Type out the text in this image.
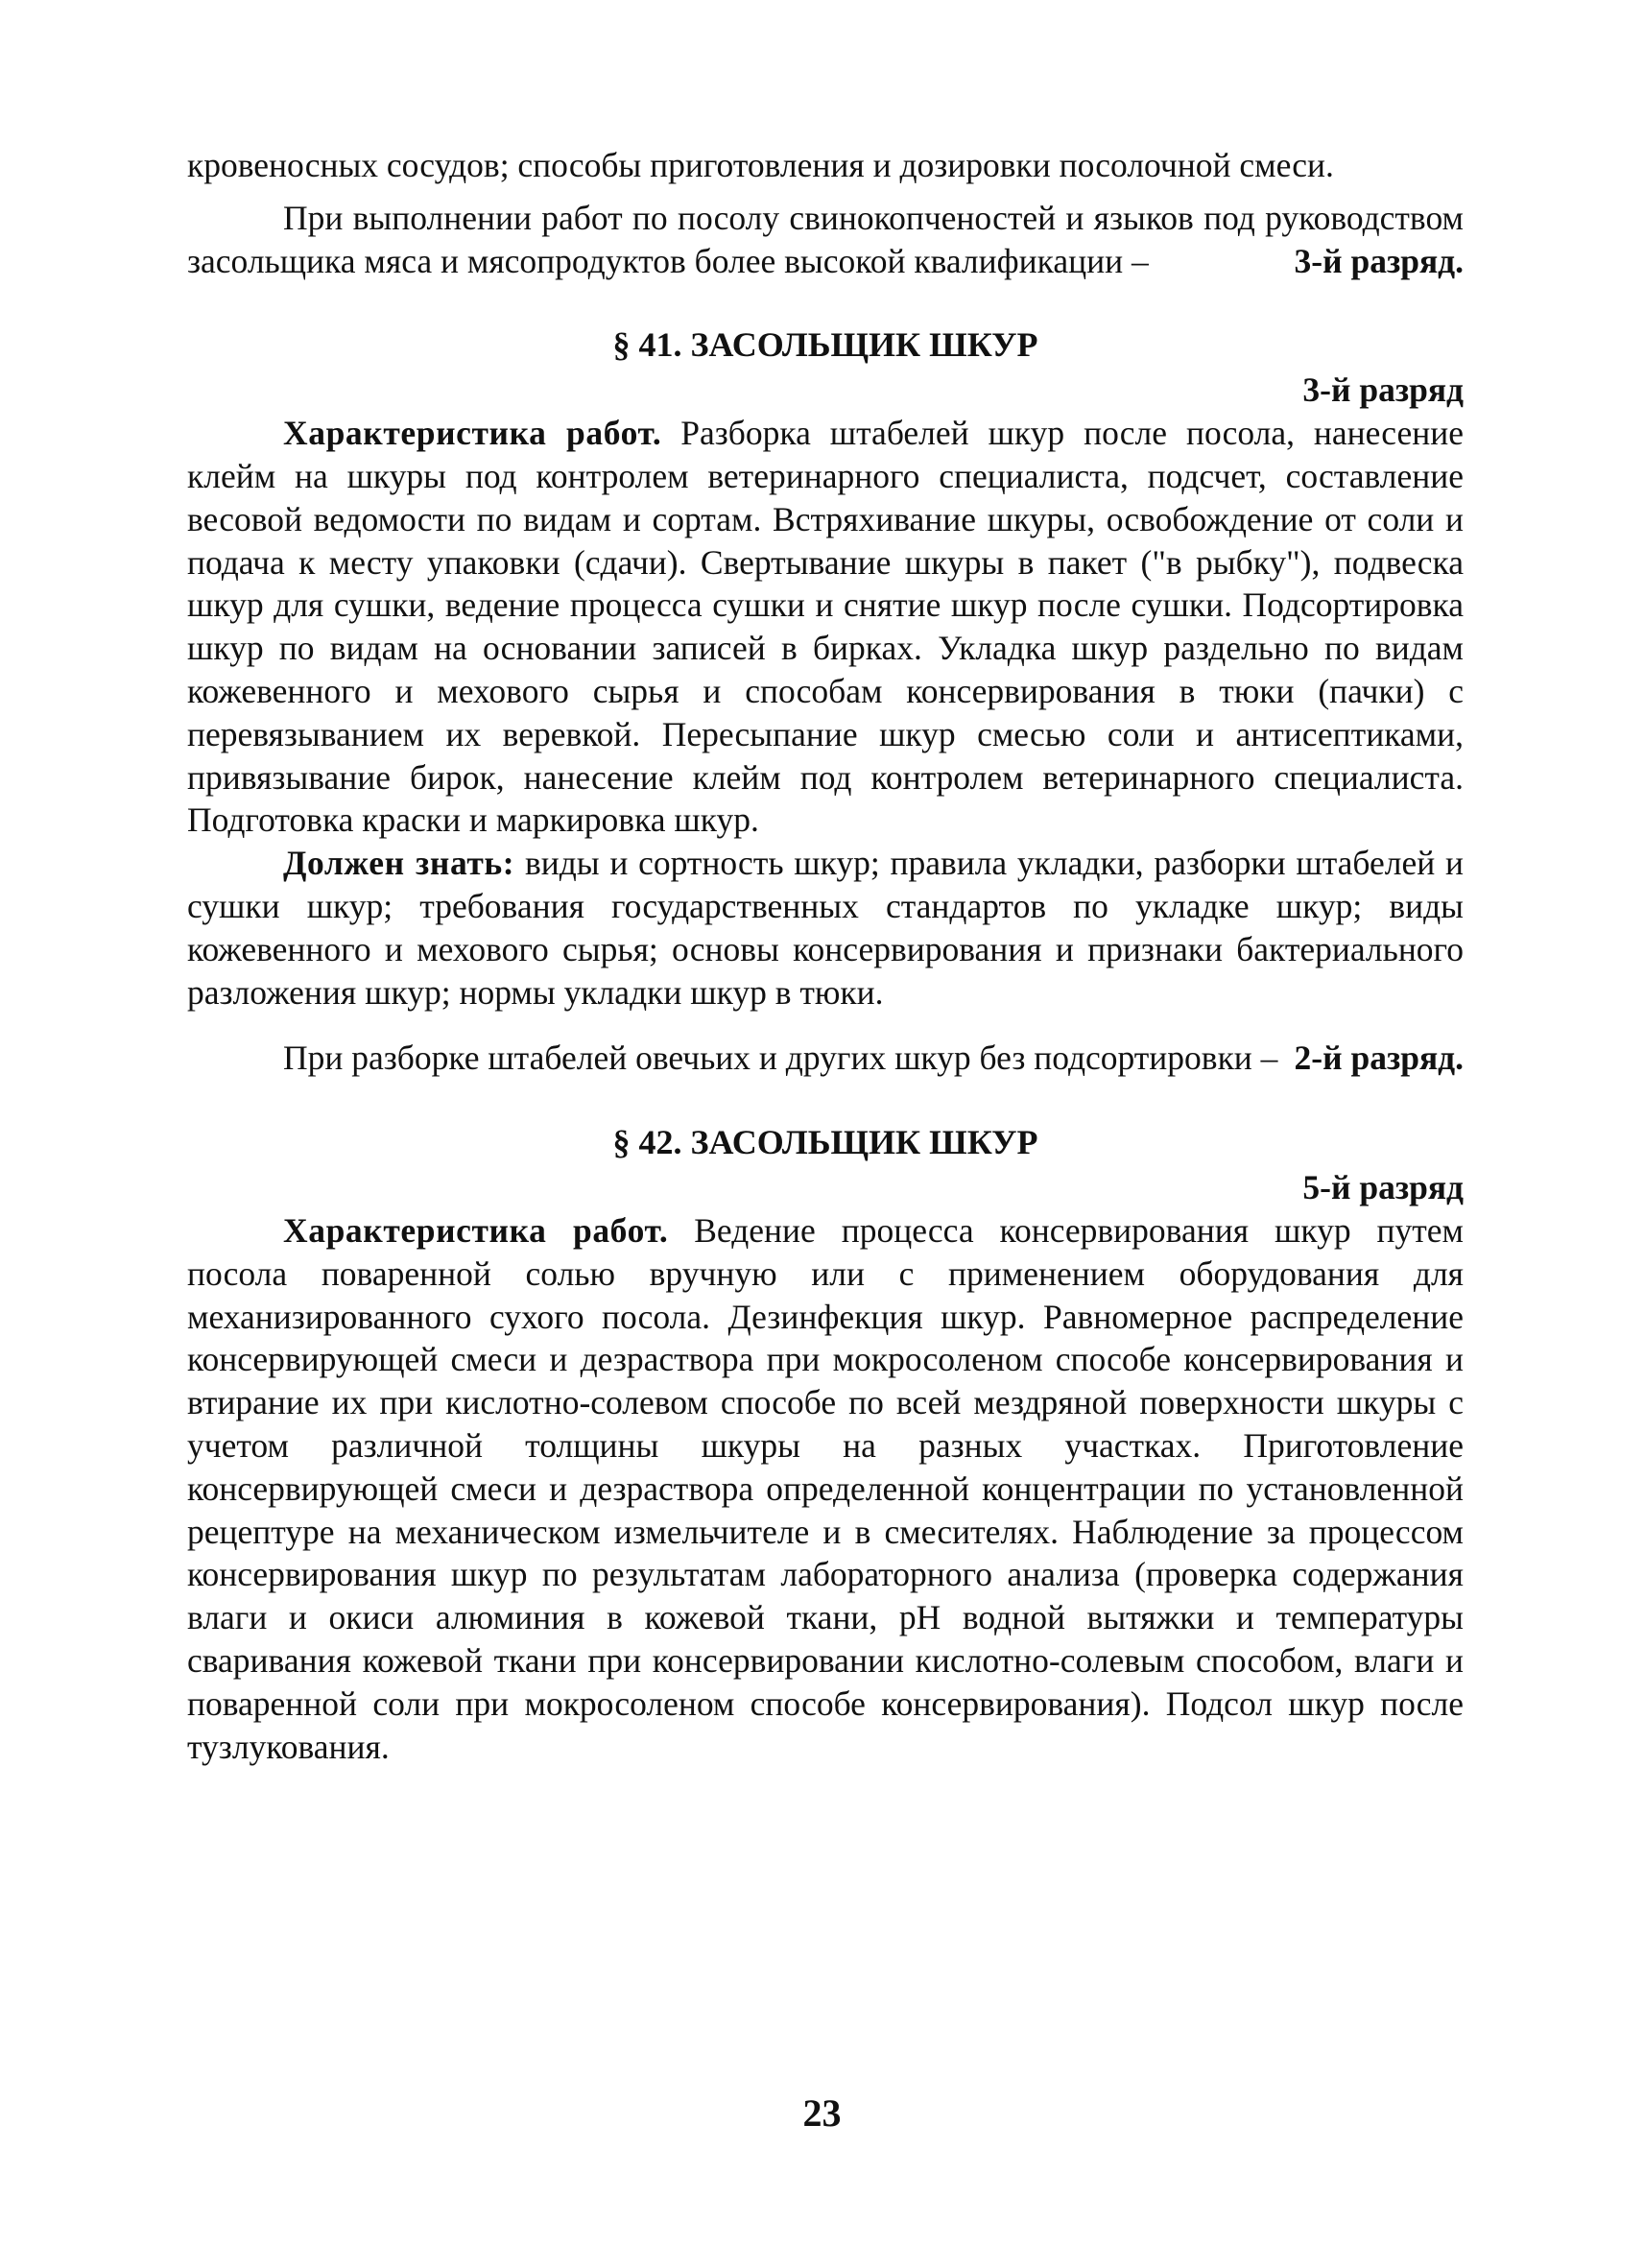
кровеносных сосудов; способы приготовления и дозировки посолочной смеси.

При выполнении работ по посолу свинокопченостей и языков под руководством засольщика мяса и мясопродуктов более высокой квалификации –	3-й разряд.
§ 41. ЗАСОЛЬЩИК ШКУР
3-й разряд

Характеристика работ. Разборка штабелей шкур после посола, нанесение клейм на шкуры под контролем ветеринарного специалиста, подсчет, составление весовой ведомости по видам и сортам. Встряхивание шкуры, освобождение от соли и подача к месту упаковки (сдачи). Свертывание шкуры в пакет ("в рыбку"), подвеска шкур для сушки, ведение процесса сушки и снятие шкур после сушки. Подсортировка шкур по видам на основании записей в бирках. Укладка шкур раздельно по видам кожевенного и мехового сырья и способам консервирования в тюки (пачки) с перевязыванием их веревкой. Пересыпание шкур смесью соли и антисептиками, привязывание бирок, нанесение клейм под контролем ветеринарного специалиста. Подготовка краски и маркировка шкур.

Должен знать: виды и сортность шкур; правила укладки, разборки штабелей и сушки шкур; требования государственных стандартов по укладке шкур; виды кожевенного и мехового сырья; основы консервирования и признаки бактериального разложения шкур; нормы укладки шкур в тюки.

При разборке штабелей овечьих и других шкур без подсортировки – 2-й разряд.
§ 42. ЗАСОЛЬЩИК ШКУР
5-й разряд

Характеристика работ. Ведение процесса консервирования шкур путем посола поваренной солью вручную или с применением оборудования для механизированного сухого посола. Дезинфекция шкур. Равномерное распределение консервирующей смеси и дезраствора при мокросоленом способе консервирования и втирание их при кислотно-солевом способе по всей мездряной поверхности шкуры с учетом различной толщины шкуры на разных участках. Приготовление консервирующей смеси и дезраствора определенной концентрации по установленной рецептуре на механическом измельчителе и в смесителях. Наблюдение за процессом консервирования шкур по результатам лабораторного анализа (проверка содержания влаги и окиси алюминия в кожевой ткани, pH водной вытяжки и температуры сваривания кожевой ткани при консервировании кислотно-солевым способом, влаги и поваренной соли при мокросоленом способе консервирования). Подсол шкур после тузлукования.

23
